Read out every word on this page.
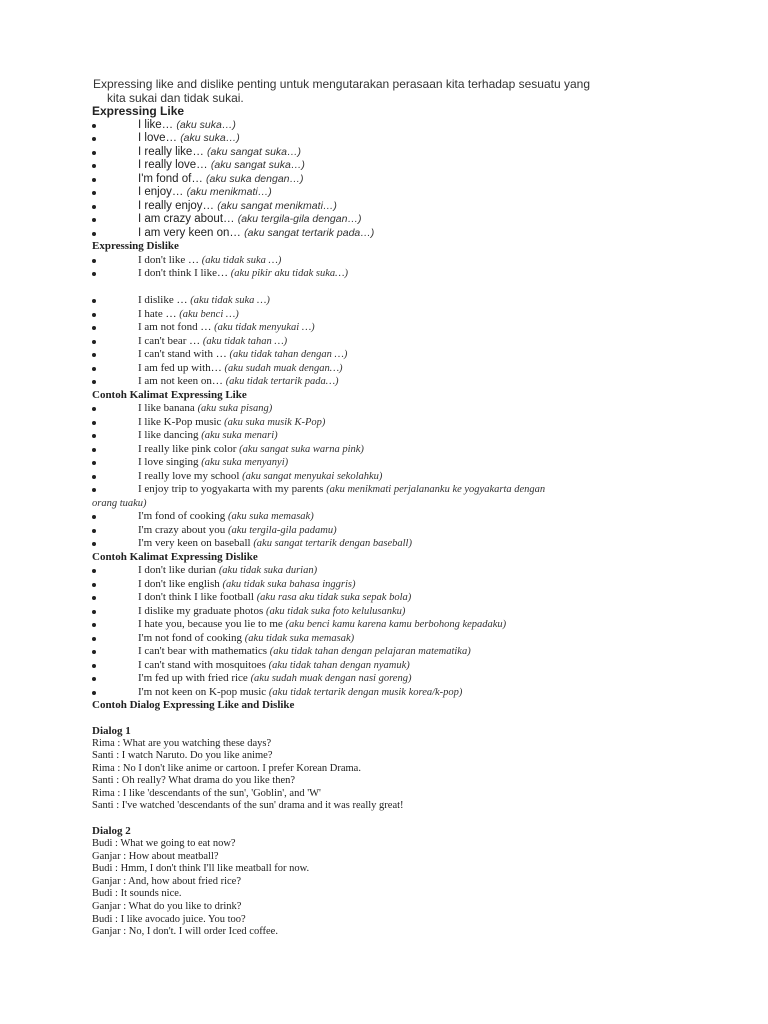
Expressing like and dislike penting untuk mengutarakan perasaan kita terhadap sesuatu yang
kita sukai dan tidak sukai.
Expressing Like
I like… (aku suka…)
I love… (aku suka…)
I really like… (aku sangat suka…)
I really love… (aku sangat suka…)
I'm fond of… (aku suka dengan…)
I enjoy… (aku menikmati…)
I really enjoy… (aku sangat menikmati…)
I am crazy about… (aku tergila-gila dengan…)
I am very keen on… (aku sangat tertarik pada…)
Expressing Dislike
I don't like … (aku tidak suka …)
I don't think I like… (aku pikir aku tidak suka…)
I dislike … (aku tidak suka …)
I hate … (aku benci …)
I am not fond … (aku tidak menyukai …)
I can't bear … (aku tidak tahan …)
I can't stand with … (aku tidak tahan dengan …)
I am fed up with… (aku sudah muak dengan…)
I am not keen on… (aku tidak tertarik pada…)
Contoh Kalimat Expressing Like
I like banana (aku suka pisang)
I like K-Pop music (aku suka musik K-Pop)
I like dancing (aku suka menari)
I really like pink color (aku sangat suka warna pink)
I love singing (aku suka menyanyi)
I really love my school (aku sangat menyukai sekolahku)
I enjoy trip to yogyakarta with my parents (aku menikmati perjalananku ke yogyakarta dengan
orang tuaku)
I'm fond of cooking (aku suka memasak)
I'm crazy about you (aku tergila-gila padamu)
I'm very keen on baseball (aku sangat tertarik dengan baseball)
Contoh Kalimat Expressing Dislike
I don't like durian (aku tidak suka durian)
I don't like english (aku tidak suka bahasa inggris)
I don't think I like football (aku rasa aku tidak suka sepak bola)
I dislike my graduate photos (aku tidak suka foto kelulusanku)
I hate you, because you lie to me (aku benci kamu karena kamu berbohong kepadaku)
I'm not fond of cooking (aku tidak suka memasak)
I can't bear with mathematics (aku tidak tahan dengan pelajaran matematika)
I can't stand with mosquitoes (aku tidak tahan dengan nyamuk)
I'm fed up with fried rice (aku sudah muak dengan nasi goreng)
I'm not keen on K-pop music (aku tidak tertarik dengan musik korea/k-pop)
Contoh Dialog Expressing Like and Dislike
Dialog 1
Rima : What are you watching these days?
Santi : I watch Naruto. Do you like anime?
Rima : No I don't like anime or cartoon. I prefer Korean Drama.
Santi : Oh really? What drama do you like then?
Rima : I like 'descendants of the sun', 'Goblin', and 'W'
Santi : I've watched 'descendants of the sun' drama and it was really great!
Dialog 2
Budi : What we going to eat now?
Ganjar : How about meatball?
Budi : Hmm, I don't think I'll like meatball for now.
Ganjar : And, how about fried rice?
Budi : It sounds nice.
Ganjar : What do you like to drink?
Budi : I like avocado juice. You too?
Ganjar : No, I don't. I will order Iced coffee.
